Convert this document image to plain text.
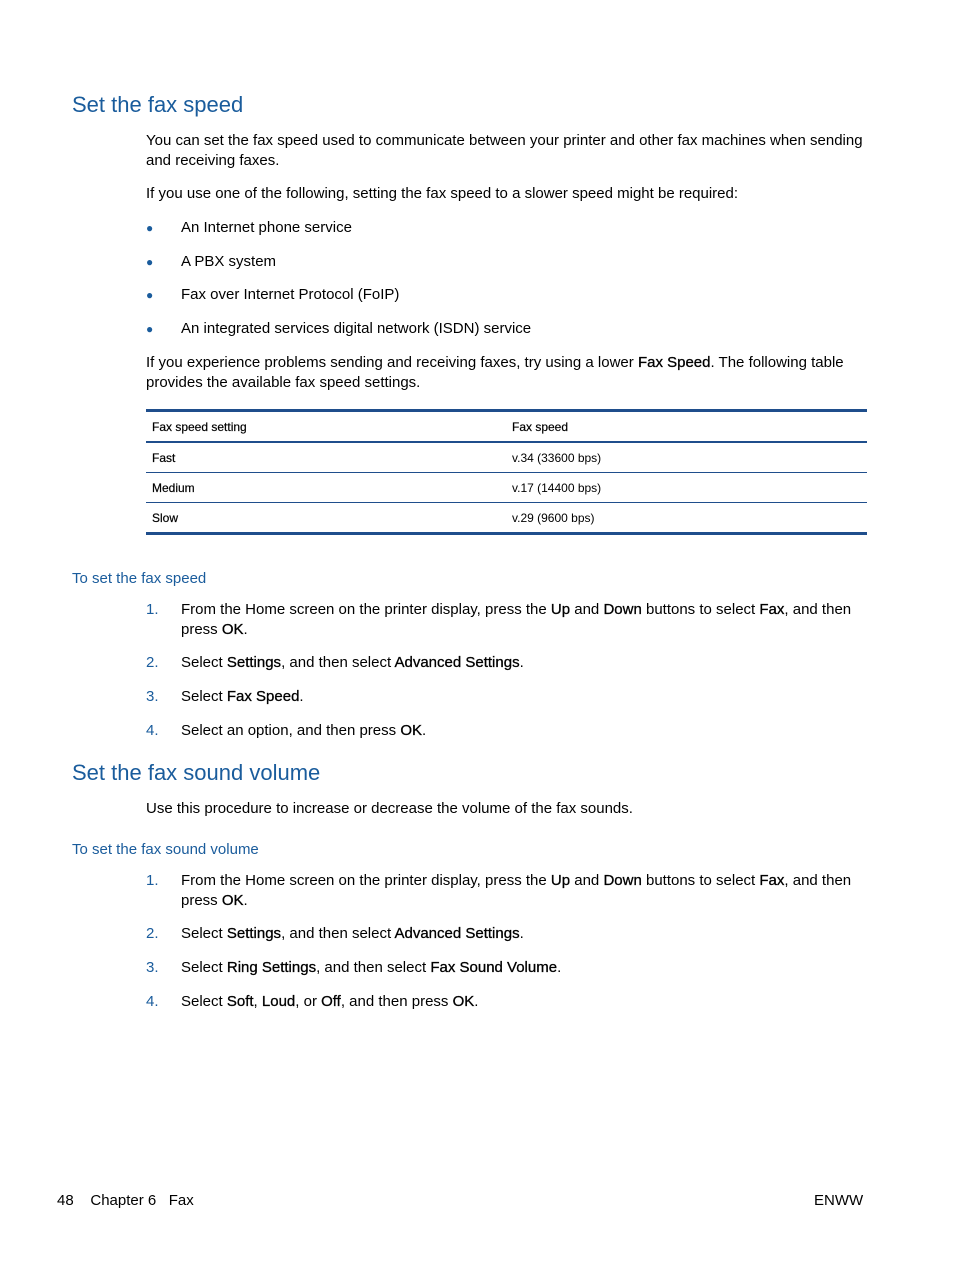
Set the fax speed

You can set the fax speed used to communicate between your printer and other fax machines when sending and receiving faxes.

If you use one of the following, setting the fax speed to a slower speed might be required:

● An Internet phone service
● A PBX system
● Fax over Internet Protocol (FoIP)
● An integrated services digital network (ISDN) service

If you experience problems sending and receiving faxes, try using a lower Fax Speed. The following table provides the available fax speed settings.

Fax speed setting	Fax speed
Fast	v.34 (33600 bps)
Medium	v.17 (14400 bps)
Slow	v.29 (9600 bps)
To set the fax speed
1. From the Home screen on the printer display, press the Up and Down buttons to select Fax, and then press OK.
2. Select Settings, and then select Advanced Settings.
3. Select Fax Speed.
4. Select an option, and then press OK.
Set the fax sound volume

Use this procedure to increase or decrease the volume of the fax sounds.

To set the fax sound volume
1. From the Home screen on the printer display, press the Up and Down buttons to select Fax, and then press OK.
2. Select Settings, and then select Advanced Settings.
3. Select Ring Settings, and then select Fax Sound Volume.
4. Select Soft, Loud, or Off, and then press OK.
48 Chapter 6   Fax	ENWW
